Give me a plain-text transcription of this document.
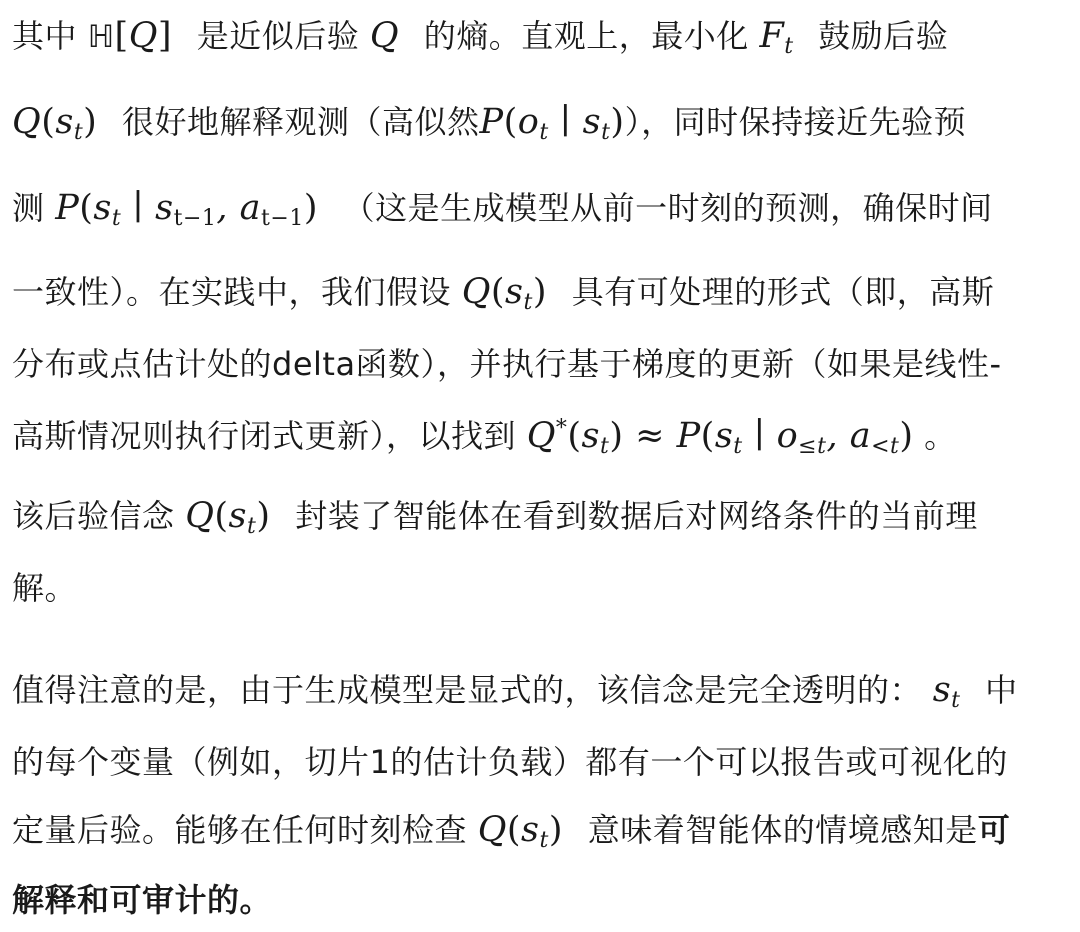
其中 ℍ[Q] 是近似后验 Q 的熵。直观上，最小化 $F_t$ 鼓励后验
$Q(s_t)$ 很好地解释观测（高似然$P(o_t$ ∣ $s_t$)），同时保持接近先验预
测 $P(s_t$ ∣ $s_{t-1}$, $a_{t-1}$) （这是生成模型从前一时刻的预测，确保时间
一致性）。在实践中，我们假设 $Q(s_t)$ 具有可处理的形式（即，高斯
分布或点估计处的delta函数），并执行基于梯度的更新（如果是线性-
高斯情况则执行闭式更新），以找到 $Q^*(s_t) \approx P(s_t$ ∣ $o_{\le t}$, $a_{<t}$) 。
该后验信念 $Q(s_t)$ 封装了智能体在看到数据后对网络条件的当前理
解。
值得注意的是，由于生成模型是显式的，该信念是完全透明的： $s_t$ 中
的每个变量（例如，切片1的估计负载）都有一个可以报告或可视化的
定量后验。能够在任何时刻检查 $Q(s_t)$ 意味着智能体的情境感知是可
解释和可审计的。
